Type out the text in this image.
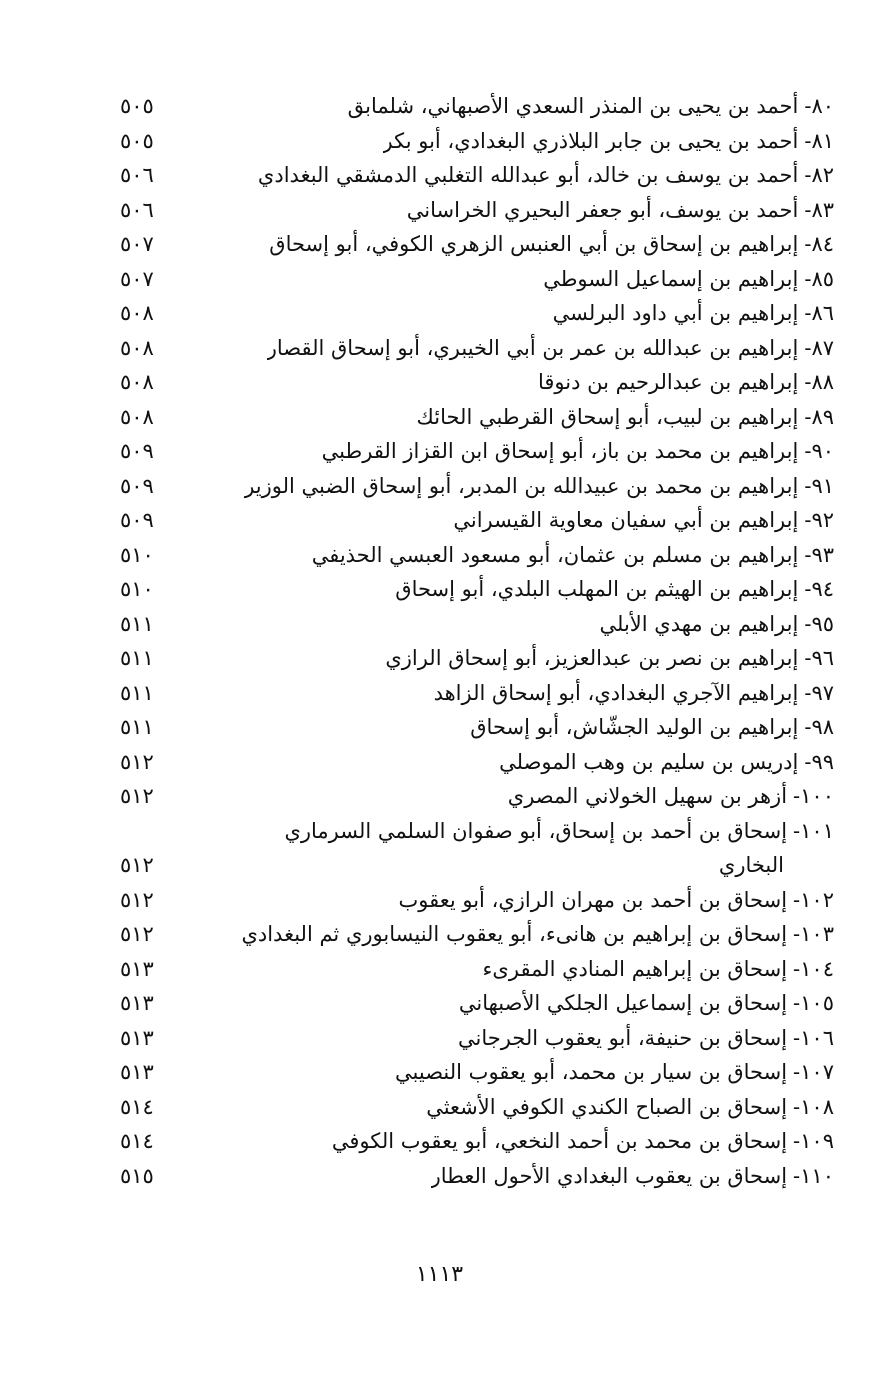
٨٠-
أحمد بن يحيى بن المنذر السعدي الأصبهاني، شلمابق
٥٠٥
٨١-
أحمد بن يحيى بن جابر البلاذري البغدادي، أبو بكر
٥٠٥
٨٢-
أحمد بن يوسف بن خالد، أبو عبدالله التغلبي الدمشقي البغدادي
٥٠٦
٨٣-
أحمد بن يوسف، أبو جعفر البحيري الخراساني
٥٠٦
٨٤-
إبراهيم بن إسحاق بن أبي العنبس الزهري الكوفي، أبو إسحاق
٥٠٧
٨٥-
إبراهيم بن إسماعيل السوطي
٥٠٧
٨٦-
إبراهيم بن أبي داود البرلسي
٥٠٨
٨٧-
إبراهيم بن عبدالله بن عمر بن أبي الخيبري، أبو إسحاق القصار
٥٠٨
٨٨-
إبراهيم بن عبدالرحيم بن دنوقا
٥٠٨
٨٩-
إبراهيم بن لبيب، أبو إسحاق القرطبي الحائك
٥٠٨
٩٠-
إبراهيم بن محمد بن باز، أبو إسحاق ابن القزاز القرطبي
٥٠٩
٩١-
إبراهيم بن محمد بن عبيدالله بن المدبر، أبو إسحاق الضبي الوزير
٥٠٩
٩٢-
إبراهيم بن أبي سفيان معاوية القيسراني
٥٠٩
٩٣-
إبراهيم بن مسلم بن عثمان، أبو مسعود العبسي الحذيفي
٥١٠
٩٤-
إبراهيم بن الهيثم بن المهلب البلدي، أبو إسحاق
٥١٠
٩٥-
إبراهيم بن مهدي الأبلي
٥١١
٩٦-
إبراهيم بن نصر بن عبدالعزيز، أبو إسحاق الرازي
٥١١
٩٧-
إبراهيم الآجري البغدادي، أبو إسحاق الزاهد
٥١١
٩٨-
إبراهيم بن الوليد الجشّاش، أبو إسحاق
٥١١
٩٩-
إدريس بن سليم بن وهب الموصلي
٥١٢
١٠٠-
أزهر بن سهيل الخولاني المصري
٥١٢
١٠١-
إسحاق بن أحمد بن إسحاق، أبو صفوان السلمي السرماري
البخاري
٥١٢
١٠٢-
إسحاق بن أحمد بن مهران الرازي، أبو يعقوب
٥١٢
١٠٣-
إسحاق بن إبراهيم بن هانىء، أبو يعقوب النيسابوري ثم البغدادي
٥١٢
١٠٤-
إسحاق بن إبراهيم المنادي المقرىء
٥١٣
١٠٥-
إسحاق بن إسماعيل الجلكي الأصبهاني
٥١٣
١٠٦-
إسحاق بن حنيفة، أبو يعقوب الجرجاني
٥١٣
١٠٧-
إسحاق بن سيار بن محمد، أبو يعقوب النصيبي
٥١٣
١٠٨-
إسحاق بن الصباح الكندي الكوفي الأشعثي
٥١٤
١٠٩-
إسحاق بن محمد بن أحمد النخعي، أبو يعقوب الكوفي
٥١٤
١١٠-
إسحاق بن يعقوب البغدادي الأحول العطار
٥١٥
١١١٣
